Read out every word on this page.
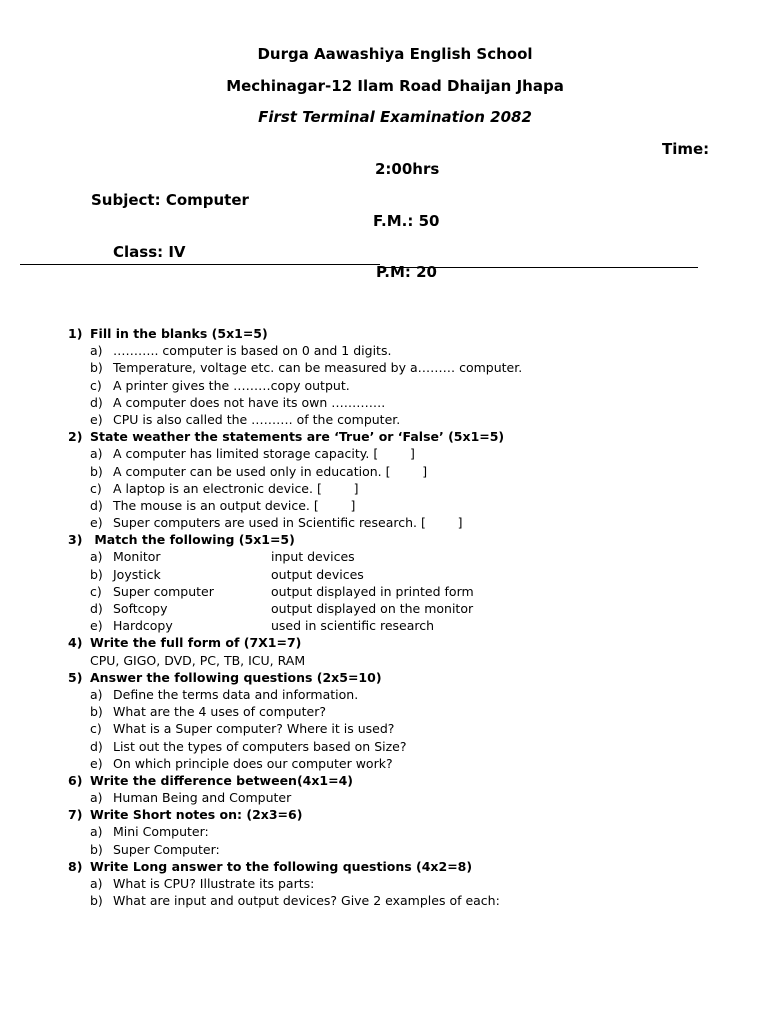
Durga Aawashiya English School
Mechinagar-12 Ilam Road Dhaijan Jhapa
First Terminal Examination 2082
Time:
2:00hrs
Subject: Computer
F.M.: 50
Class: IV
P.M: 20
1) Fill in the blanks (5x1=5)
a) ……….. computer is based on 0 and 1 digits.
b) Temperature, voltage etc. can be measured by a……… computer.
c) A printer gives the ………copy output.
d) A computer does not have its own ………….
e) CPU is also called the ………. of the computer.
2) State weather the statements are ‘True’ or ‘False’ (5x1=5)
a) A computer has limited storage capacity. [        ]
b) A computer can be used only in education. [        ]
c) A laptop is an electronic device. [        ]
d) The mouse is an output device. [        ]
e) Super computers are used in Scientific research. [        ]
3) Match the following (5x1=5)
a) Monitor	input devices
b) Joystick	output devices
c) Super computer	output displayed in printed form
d) Softcopy	output displayed on the monitor
e) Hardcopy	used in scientific research
4) Write the full form of (7X1=7)
CPU, GIGO, DVD, PC, TB, ICU, RAM
5) Answer the following questions (2x5=10)
a) Define the terms data and information.
b) What are the 4 uses of computer?
c) What is a Super computer? Where it is used?
d) List out the types of computers based on Size?
e) On which principle does our computer work?
6) Write the difference between(4x1=4)
a) Human Being and Computer
7) Write Short notes on: (2x3=6)
a) Mini Computer:
b) Super Computer:
8) Write Long answer to the following questions (4x2=8)
a) What is CPU? Illustrate its parts:
b) What are input and output devices? Give 2 examples of each:
